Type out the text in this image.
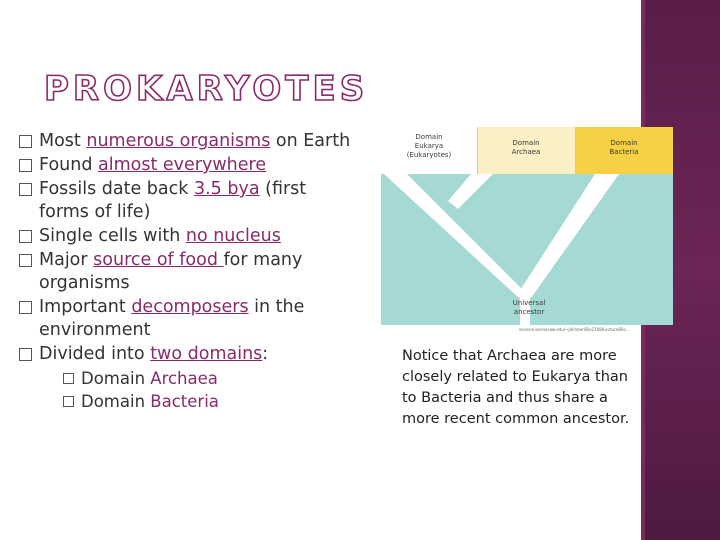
PROKARYOTES
Most numerous organisms on Earth
Found almost everywhere
Fossils date back 3.5 bya (first forms of life)
Single cells with no nucleus
Major source of food for many organisms
Important decomposers in the environment
Divided into two domains:
Domain Archaea
Domain Bacteria
Domain
Eukarya
(Eukaryotes)
Domain
Archaea
Domain
Bacteria
Universal
ancestor
science.kennesaw.edu/~jdirnber/Bio2108/Lecture/Bio…

Notice that Archaea are more closely related to Eukarya than to Bacteria and thus share a more recent common ancestor.
